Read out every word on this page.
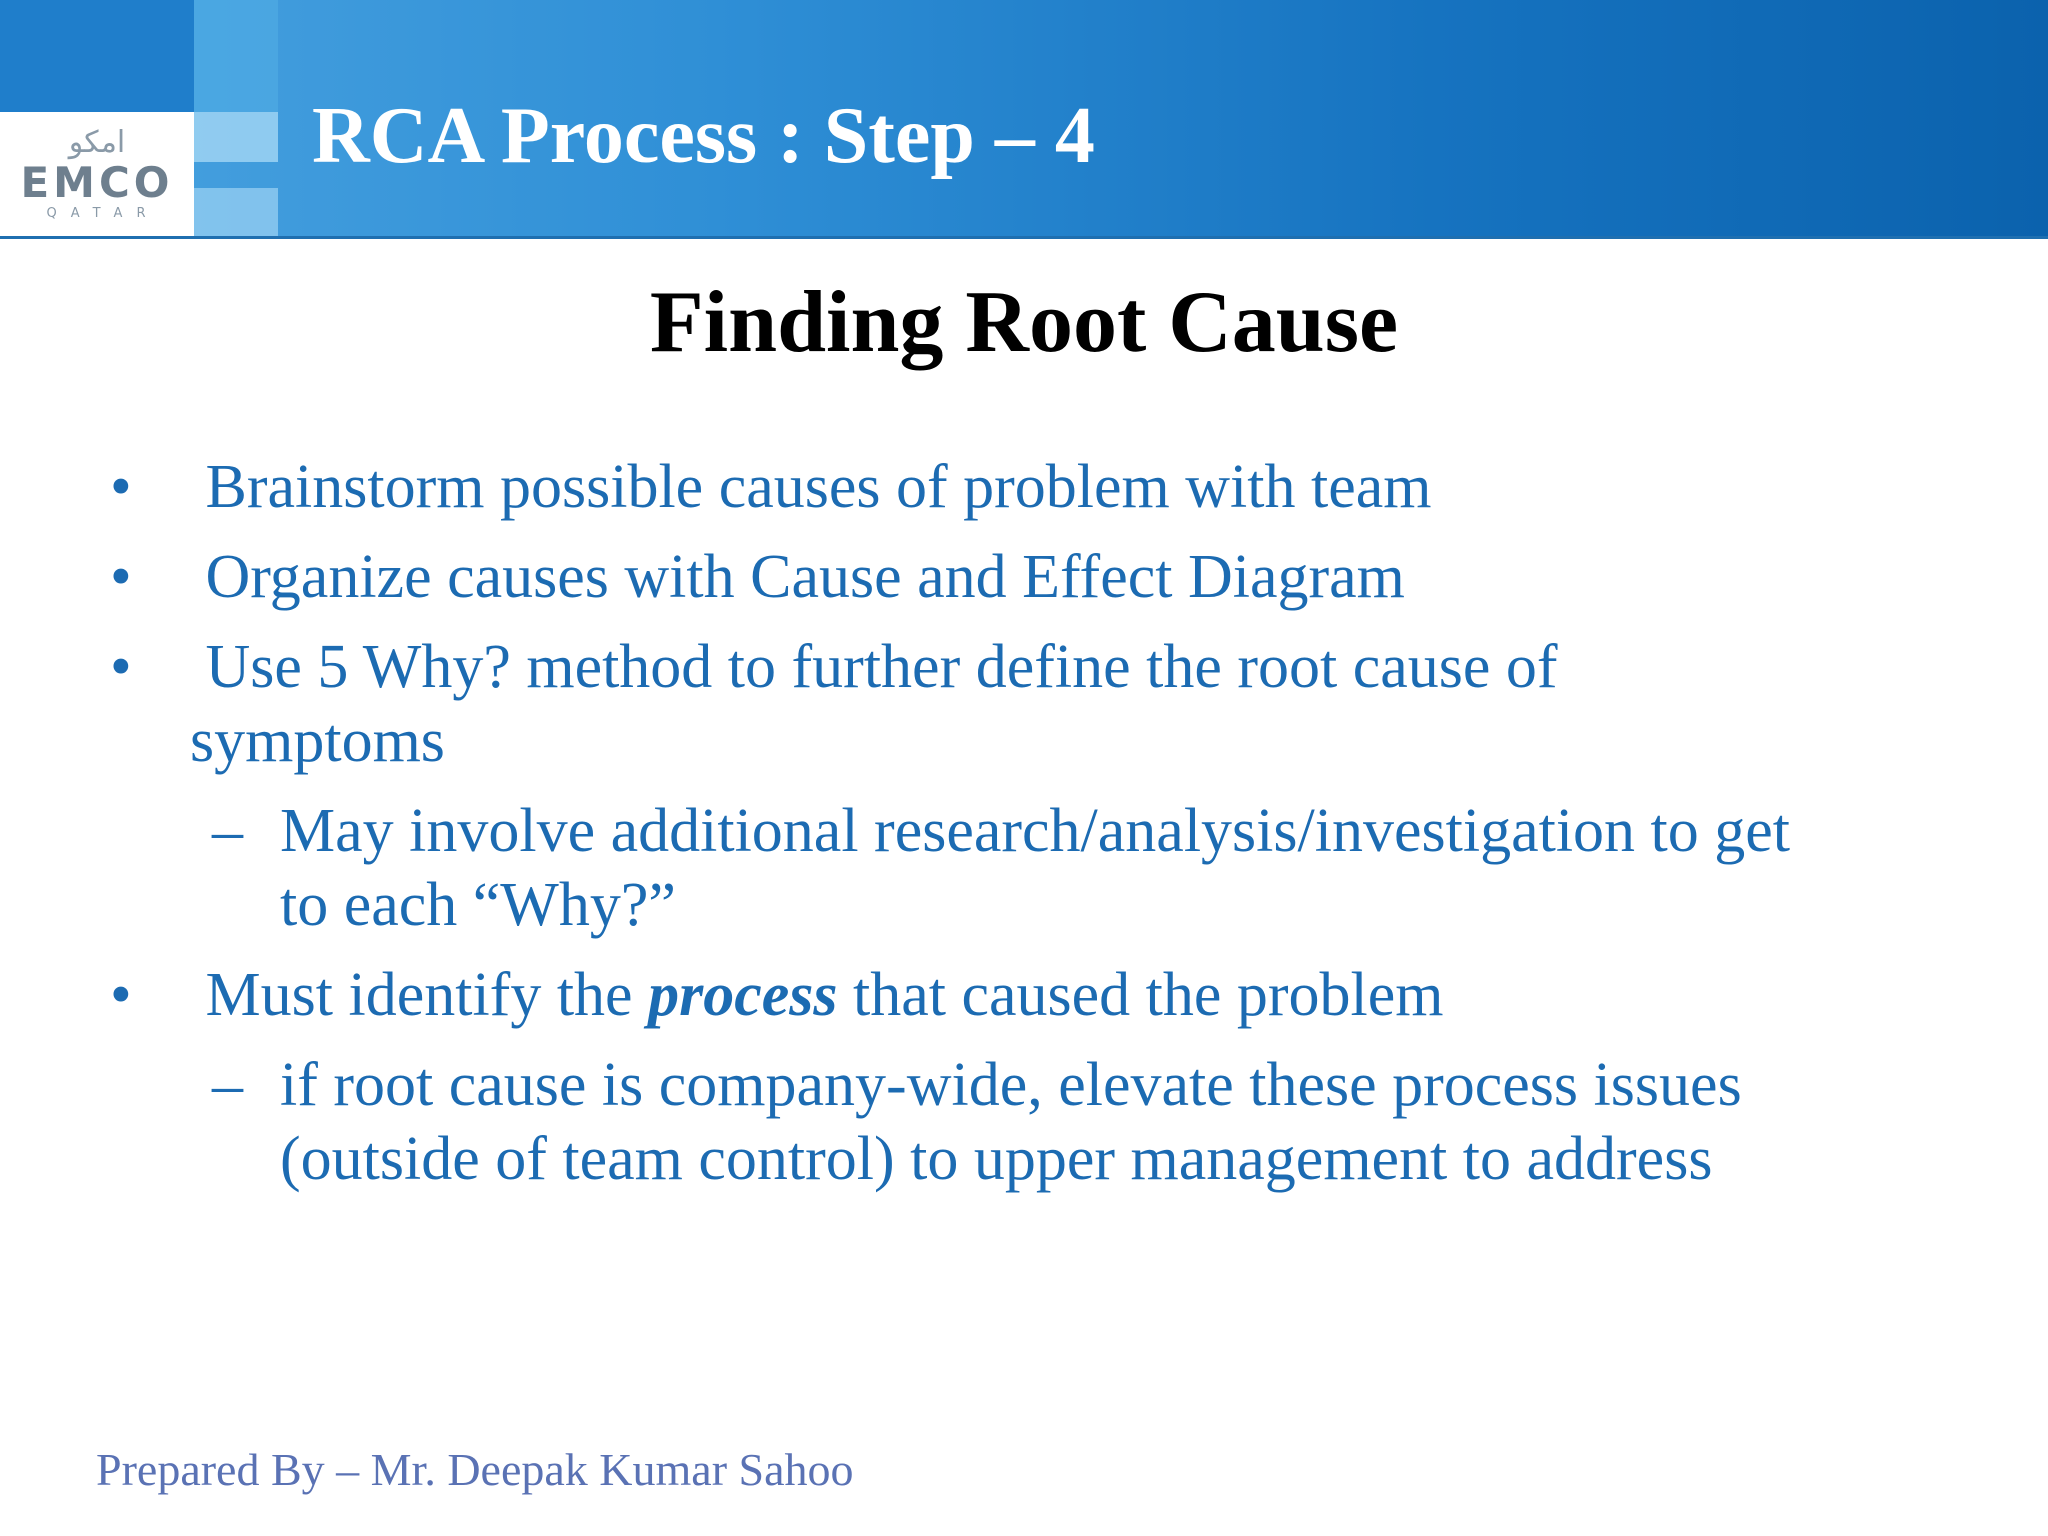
امكو
EMCO
QATAR
RCA Process : Step – 4
Finding Root Cause
• Brainstorm possible causes of problem with team
• Organize causes with Cause and Effect Diagram
• Use 5 Why? method to further define the root cause of
symptoms
– May involve additional research/analysis/investigation to get
to each “Why?”
• Must identify the process that caused the problem
– if root cause is company-wide, elevate these process issues
(outside of team control) to upper management to address

Prepared By – Mr. Deepak Kumar Sahoo
